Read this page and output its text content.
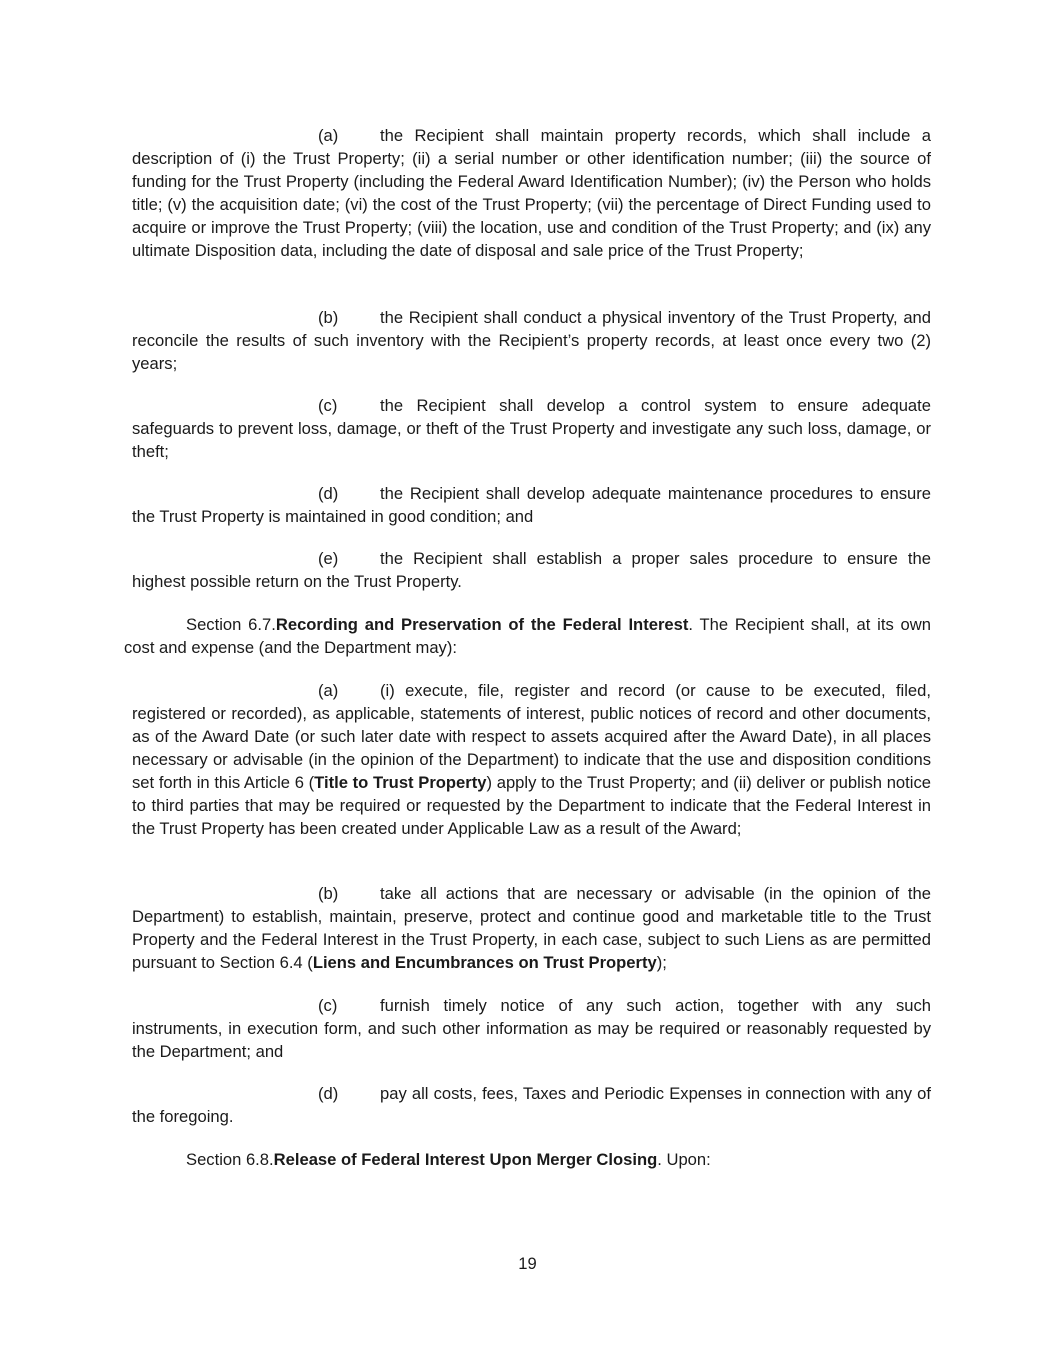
(a)	the Recipient shall maintain property records, which shall include a description of (i) the Trust Property; (ii) a serial number or other identification number; (iii) the source of funding for the Trust Property (including the Federal Award Identification Number); (iv) the Person who holds title; (v) the acquisition date; (vi) the cost of the Trust Property; (vii) the percentage of Direct Funding used to acquire or improve the Trust Property; (viii) the location, use and condition of the Trust Property; and (ix) any ultimate Disposition data, including the date of disposal and sale price of the Trust Property;

(b)	the Recipient shall conduct a physical inventory of the Trust Property, and reconcile the results of such inventory with the Recipient’s property records, at least once every two (2) years;

(c)	the Recipient shall develop a control system to ensure adequate safeguards to prevent loss, damage, or theft of the Trust Property and investigate any such loss, damage, or theft;

(d)	the Recipient shall develop adequate maintenance procedures to ensure the Trust Property is maintained in good condition; and

(e)	the Recipient shall establish a proper sales procedure to ensure the highest possible return on the Trust Property.

Section 6.7.Recording and Preservation of the Federal Interest. The Recipient shall, at its own cost and expense (and the Department may):

(a)	(i) execute, file, register and record (or cause to be executed, filed, registered or recorded), as applicable, statements of interest, public notices of record and other documents, as of the Award Date (or such later date with respect to assets acquired after the Award Date), in all places necessary or advisable (in the opinion of the Department) to indicate that the use and disposition conditions set forth in this Article 6 (Title to Trust Property) apply to the Trust Property; and (ii) deliver or publish notice to third parties that may be required or requested by the Department to indicate that the Federal Interest in the Trust Property has been created under Applicable Law as a result of the Award;

(b)	take all actions that are necessary or advisable (in the opinion of the Department) to establish, maintain, preserve, protect and continue good and marketable title to the Trust Property and the Federal Interest in the Trust Property, in each case, subject to such Liens as are permitted pursuant to Section 6.4 (Liens and Encumbrances on Trust Property);

(c)	furnish timely notice of any such action, together with any such instruments, in execution form, and such other information as may be required or reasonably requested by the Department; and

(d)	pay all costs, fees, Taxes and Periodic Expenses in connection with any of the foregoing.

Section 6.8.Release of Federal Interest Upon Merger Closing. Upon:

19
